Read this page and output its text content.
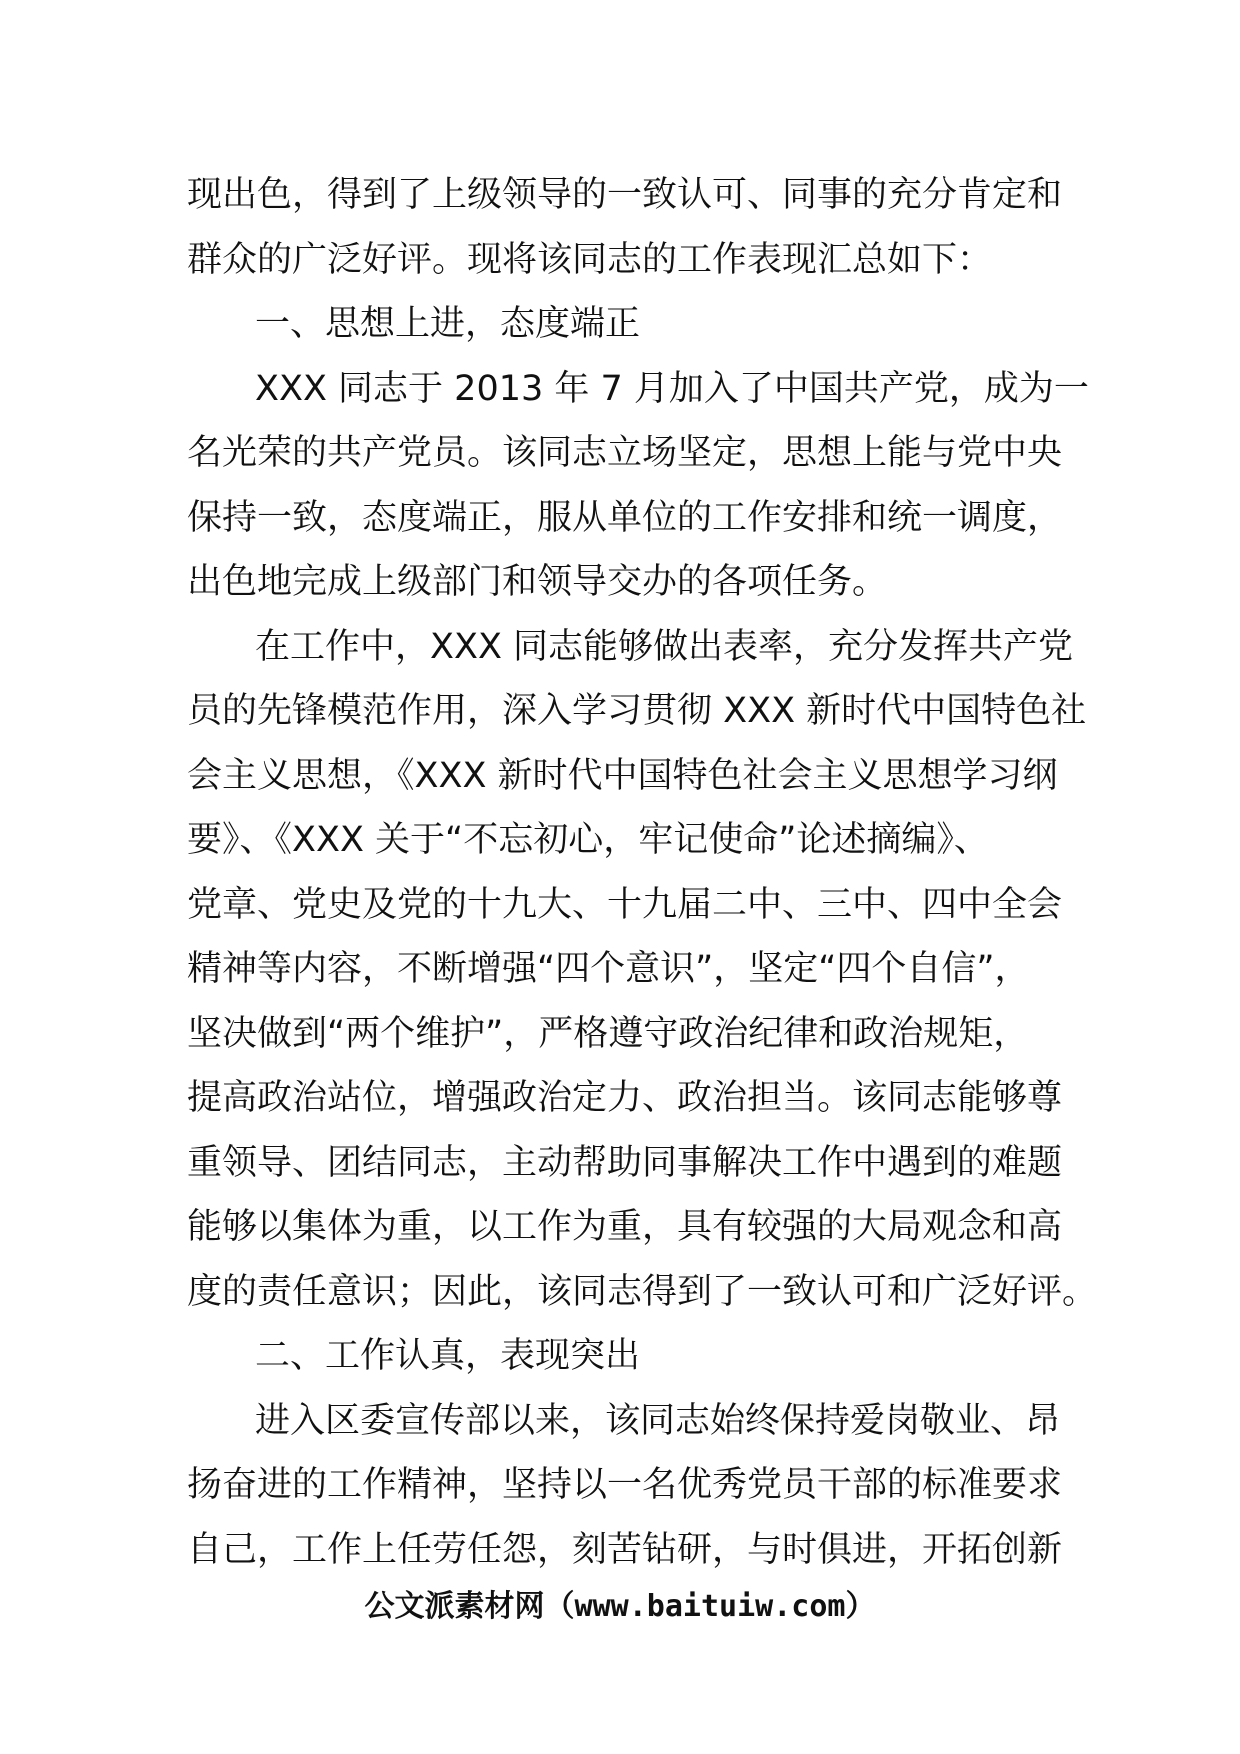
现出色，得到了上级领导的一致认可、同事的充分肯定和
群众的广泛好评。现将该同志的工作表现汇总如下：
一、思想上进，态度端正
XXX 同志于 2013 年 7 月加入了中国共产党，成为一
名光荣的共产党员。该同志立场坚定，思想上能与党中央
保持一致，态度端正，服从单位的工作安排和统一调度，
出色地完成上级部门和领导交办的各项任务。
在工作中，XXX 同志能够做出表率，充分发挥共产党
员的先锋模范作用，深入学习贯彻 XXX 新时代中国特色社
会主义思想，《XXX 新时代中国特色社会主义思想学习纲
要》、《XXX 关于“不忘初心，牢记使命”论述摘编》、
党章、党史及党的十九大、十九届二中、三中、四中全会
精神等内容，不断增强“四个意识”，坚定“四个自信”，
坚决做到“两个维护”，严格遵守政治纪律和政治规矩，
提高政治站位，增强政治定力、政治担当。该同志能够尊
重领导、团结同志，主动帮助同事解决工作中遇到的难题
能够以集体为重，以工作为重，具有较强的大局观念和高
度的责任意识；因此，该同志得到了一致认可和广泛好评。
二、工作认真，表现突出
进入区委宣传部以来，该同志始终保持爱岗敬业、昂
扬奋进的工作精神，坚持以一名优秀党员干部的标准要求
自己，工作上任劳任怨，刻苦钻研，与时俱进，开拓创新
公文派素材网（www.baituiw.com）
